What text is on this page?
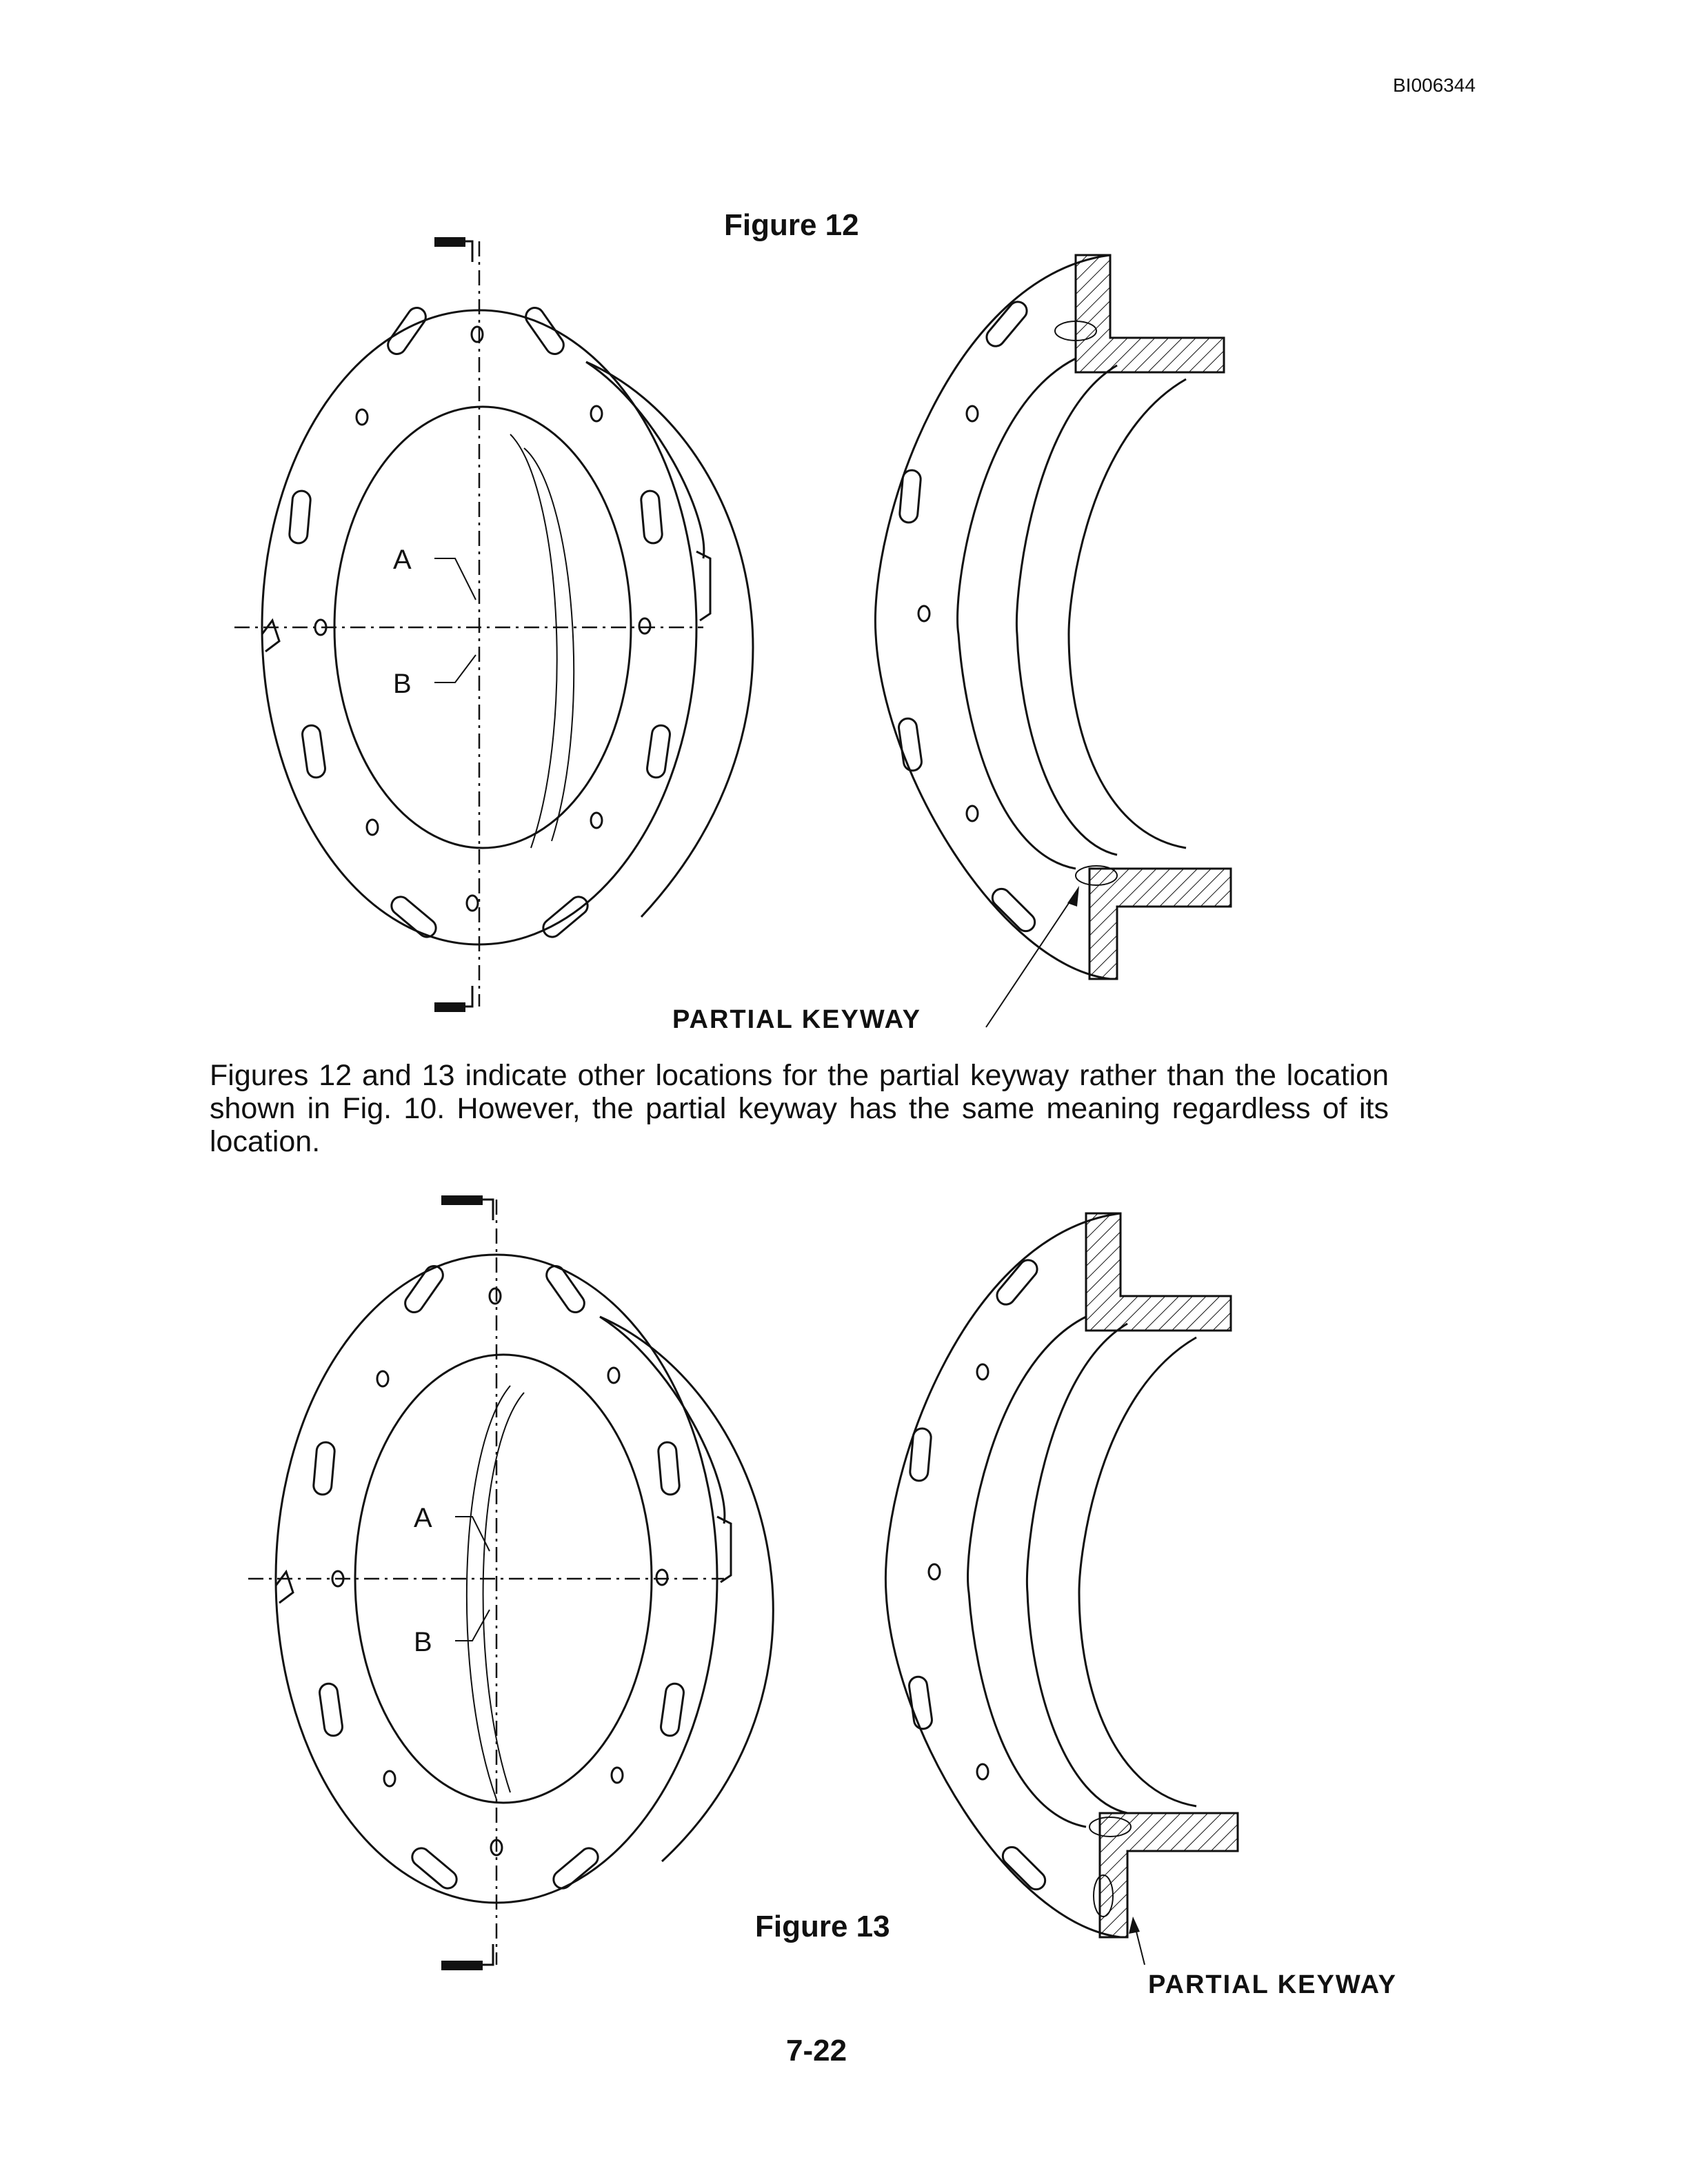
BI006344
Figure 12
A
B
PARTIAL KEYWAY
Figures 12 and 13 indicate other locations for the partial keyway rather than the location shown in Fig. 10. However, the partial keyway has the same meaning regardless of its location.
A
B
Figure 13
PARTIAL KEYWAY
7-22
